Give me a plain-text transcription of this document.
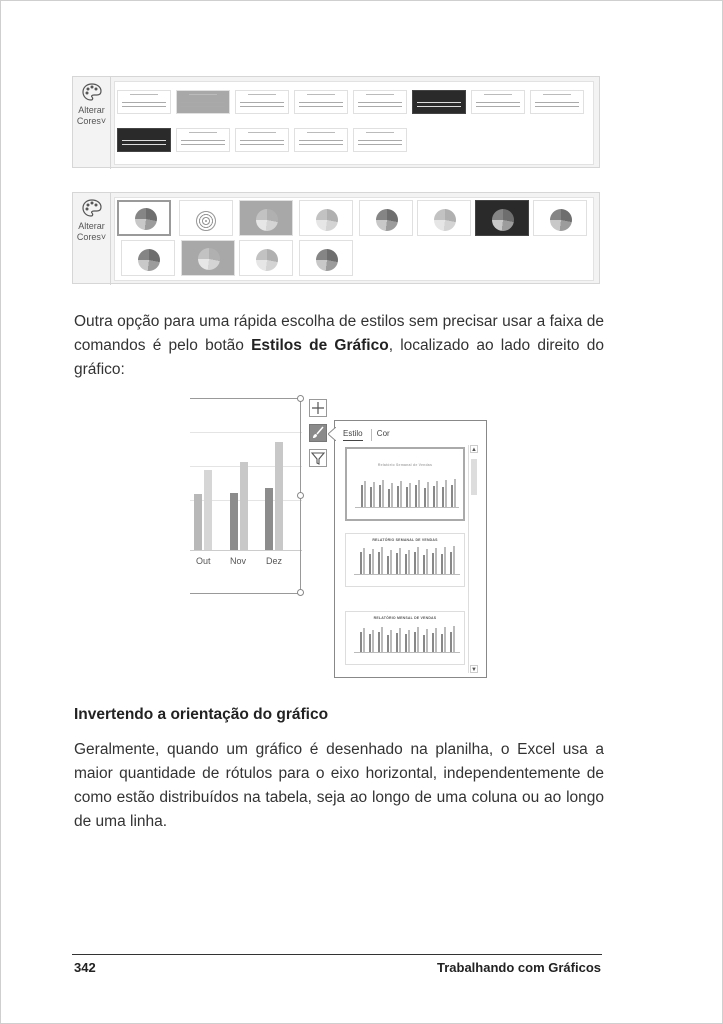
Alterar
Cores˅
Alterar
Cores˅

Outra opção para uma rápida escolha de estilos sem precisar usar a faixa de comandos é pelo botão Estilos de Gráfico, localizado ao lado direito do gráfico:

Out Nov Dez
Estilo Cor
Relatório Semanal de Vendas
RELATÓRIO SEMANAL DE VENDAS
RELATÓRIO MENSAL DE VENDAS
▲
▼
Invertendo a orientação do gráfico

Geralmente, quando um gráfico é desenhado na planilha, o Excel usa a maior quantidade de rótulos para o eixo horizontal, independentemente de como estão distribuídos na tabela, seja ao longo de uma coluna ou ao longo de uma linha.

342	Trabalhando com Gráficos
